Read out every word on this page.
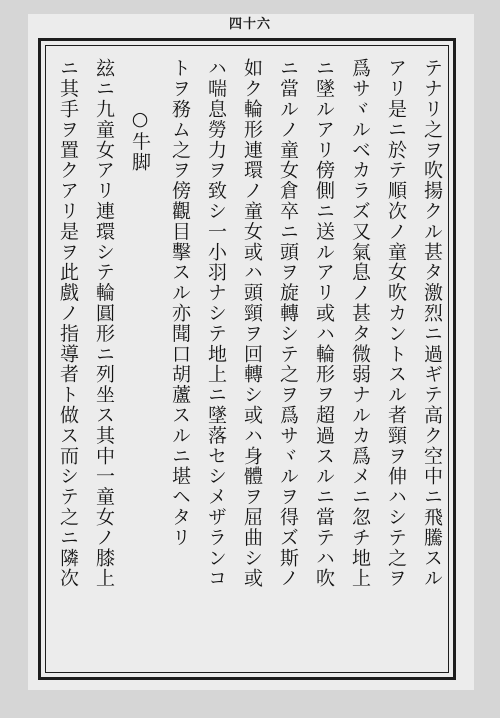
四十六
テナリ之ヲ吹揚クル甚タ激烈ニ過ギテ高ク空中ニ飛騰スル
アリ是ニ於テ順次ノ童女吹カントスル者頸ヲ伸ハシテ之ヲ
爲サヾルベカラズ又氣息ノ甚タ微弱ナルカ爲メニ忽チ地上
ニ墜ルアリ傍側ニ送ルアリ或ハ輪形ヲ超過スルニ當テハ吹
ニ當ルノ童女倉卒ニ頭ヲ旋轉シテ之ヲ爲サヾルヲ得ズ斯ノ
如ク輪形連環ノ童女或ハ頭頸ヲ回轉シ或ハ身體ヲ屈曲シ或
ハ喘息勞力ヲ致シ一小羽ナシテ地上ニ墜落セシメザランコ
トヲ務ム之ヲ傍觀目擊スル亦聞口胡蘆スルニ堪ヘタリ
○牛脚
玆ニ九童女アリ連環シテ輪圓形ニ列坐ス其中一童女ノ膝上
ニ其手ヲ置クアリ是ヲ此戲ノ指導者ト做ス而シテ之ニ隣次
